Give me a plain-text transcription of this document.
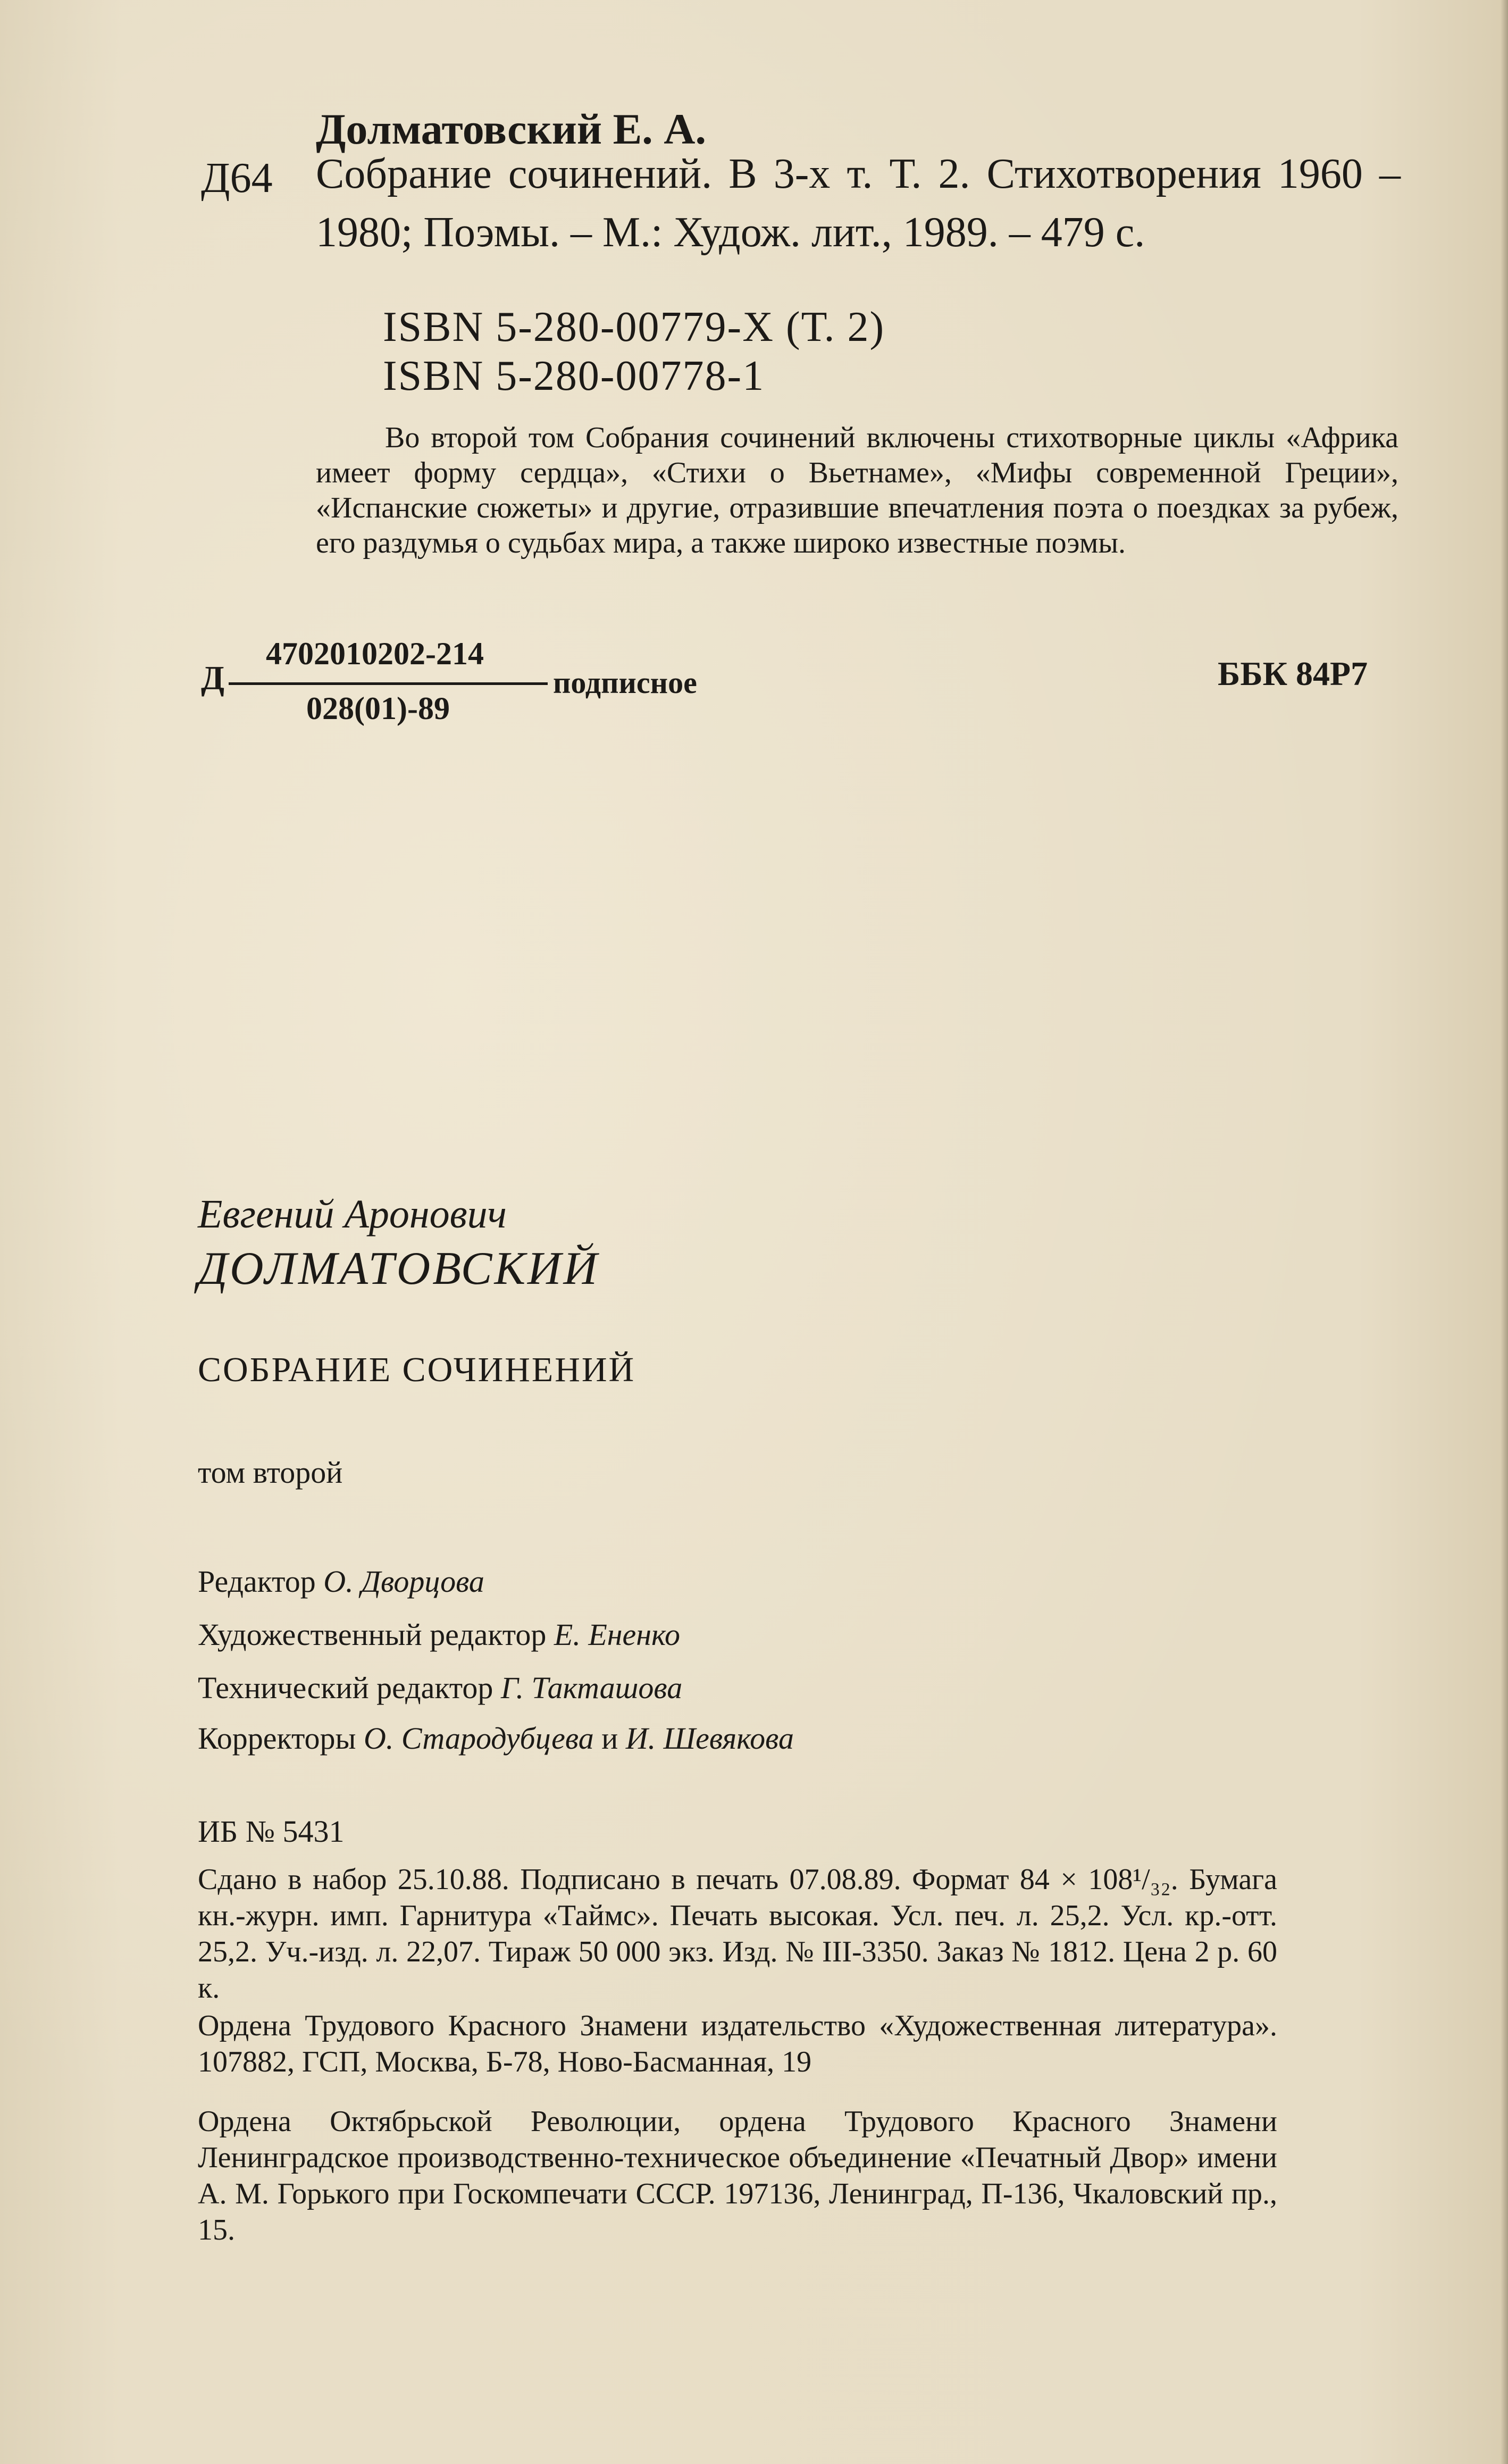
Долматовский Е. А.
Д64 Собрание сочинений. В 3-х т. Т. 2. Стихотворения 1960 – 1980; Поэмы. – М.: Худож. лит., 1989. – 479 с.
ISBN 5-280-00779-Х (Т. 2)
ISBN 5-280-00778-1
Во второй том Собрания сочинений включены стихотворные циклы «Африка имеет форму сердца», «Стихи о Вьетнаме», «Мифы современной Греции», «Испанские сюжеты» и другие, отразившие впечатления поэта о поездках за рубеж, его раздумья о судьбах мира, а также широко известные поэмы.
Д
4702010202-214
028(01)-89
подписное	ББК 84Р7
Евгений Аронович
ДОЛМАТОВСКИЙ
СОБРАНИЕ СОЧИНЕНИЙ
том второй
Редактор О. Дворцова
Художественный редактор Е. Ененко
Технический редактор Г. Такташова
Корректоры О. Стародубцева и И. Шевякова
ИБ № 5431
Сдано в набор 25.10.88. Подписано в печать 07.08.89. Формат 84 × 108¹/₃₂. Бумага кн.-журн. имп. Гарнитура «Таймс». Печать высокая. Усл. печ. л. 25,2. Усл. кр.-отт. 25,2. Уч.-изд. л. 22,07. Тираж 50 000 экз. Изд. № III-3350. Заказ № 1812. Цена 2 р. 60 к.
Ордена Трудового Красного Знамени издательство «Художественная литература». 107882, ГСП, Москва, Б-78, Ново-Басманная, 19
Ордена Октябрьской Революции, ордена Трудового Красного Знамени Ленинградское производственно-техническое объединение «Печатный Двор» имени А. М. Горького при Госкомпечати СССР. 197136, Ленинград, П-136, Чкаловский пр., 15.
